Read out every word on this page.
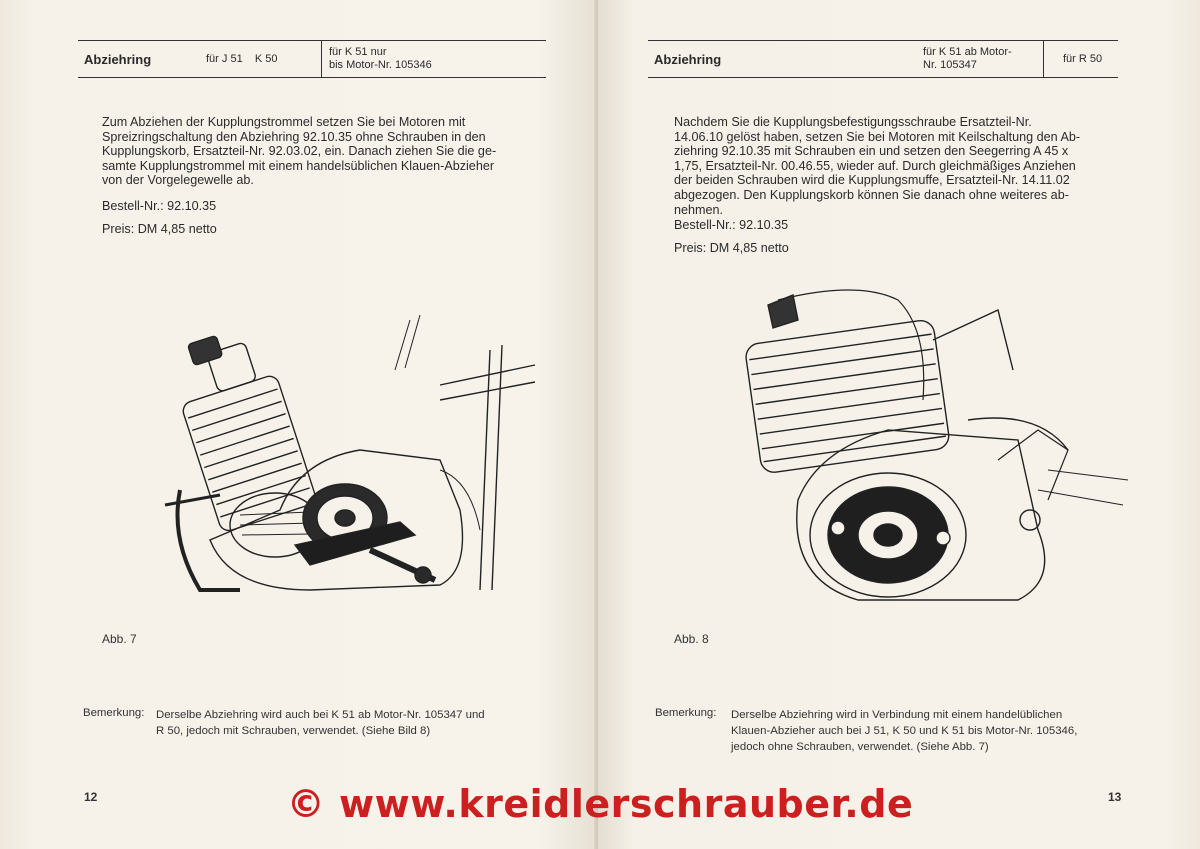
Abziehring	für J 51    K 50
für K 51 nur
bis Motor-Nr. 105346
Zum Abziehen der Kupplungstrommel setzen Sie bei Motoren mit
Spreizringschaltung den Abziehring 92.10.35 ohne Schrauben in den
Kupplungskorb, Ersatzteil-Nr. 92.03.02, ein. Danach ziehen Sie die ge-
samte Kupplungstrommel mit einem handelsüblichen Klauen-Abzieher
von der Vorgelegewelle ab.
Bestell-Nr.: 92.10.35
Preis: DM 4,85 netto
Abb. 7
Bemerkung: Derselbe Abziehring wird auch bei K 51 ab Motor-Nr. 105347 und
R 50, jedoch mit Schrauben, verwendet. (Siehe Bild 8)
12
Abziehring	für K 51 ab Motor-
Nr. 105347
für R 50
Nachdem Sie die Kupplungsbefestigungsschraube Ersatzteil-Nr.
14.06.10 gelöst haben, setzen Sie bei Motoren mit Keilschaltung den Ab-
ziehring 92.10.35 mit Schrauben ein und setzen den Seegerring A 45 x
1,75, Ersatzteil-Nr. 00.46.55, wieder auf. Durch gleichmäßiges Anziehen
der beiden Schrauben wird die Kupplungsmuffe, Ersatzteil-Nr. 14.11.02
abgezogen. Den Kupplungskorb können Sie danach ohne weiteres ab-
nehmen.
Bestell-Nr.: 92.10.35
Preis: DM 4,85 netto
Abb. 8
Bemerkung: Derselbe Abziehring wird in Verbindung mit einem handelüblichen
Klauen-Abzieher auch bei J 51, K 50 und K 51 bis Motor-Nr. 105346,
jedoch ohne Schrauben, verwendet. (Siehe Abb. 7)
13
© www.kreidlerschrauber.de
